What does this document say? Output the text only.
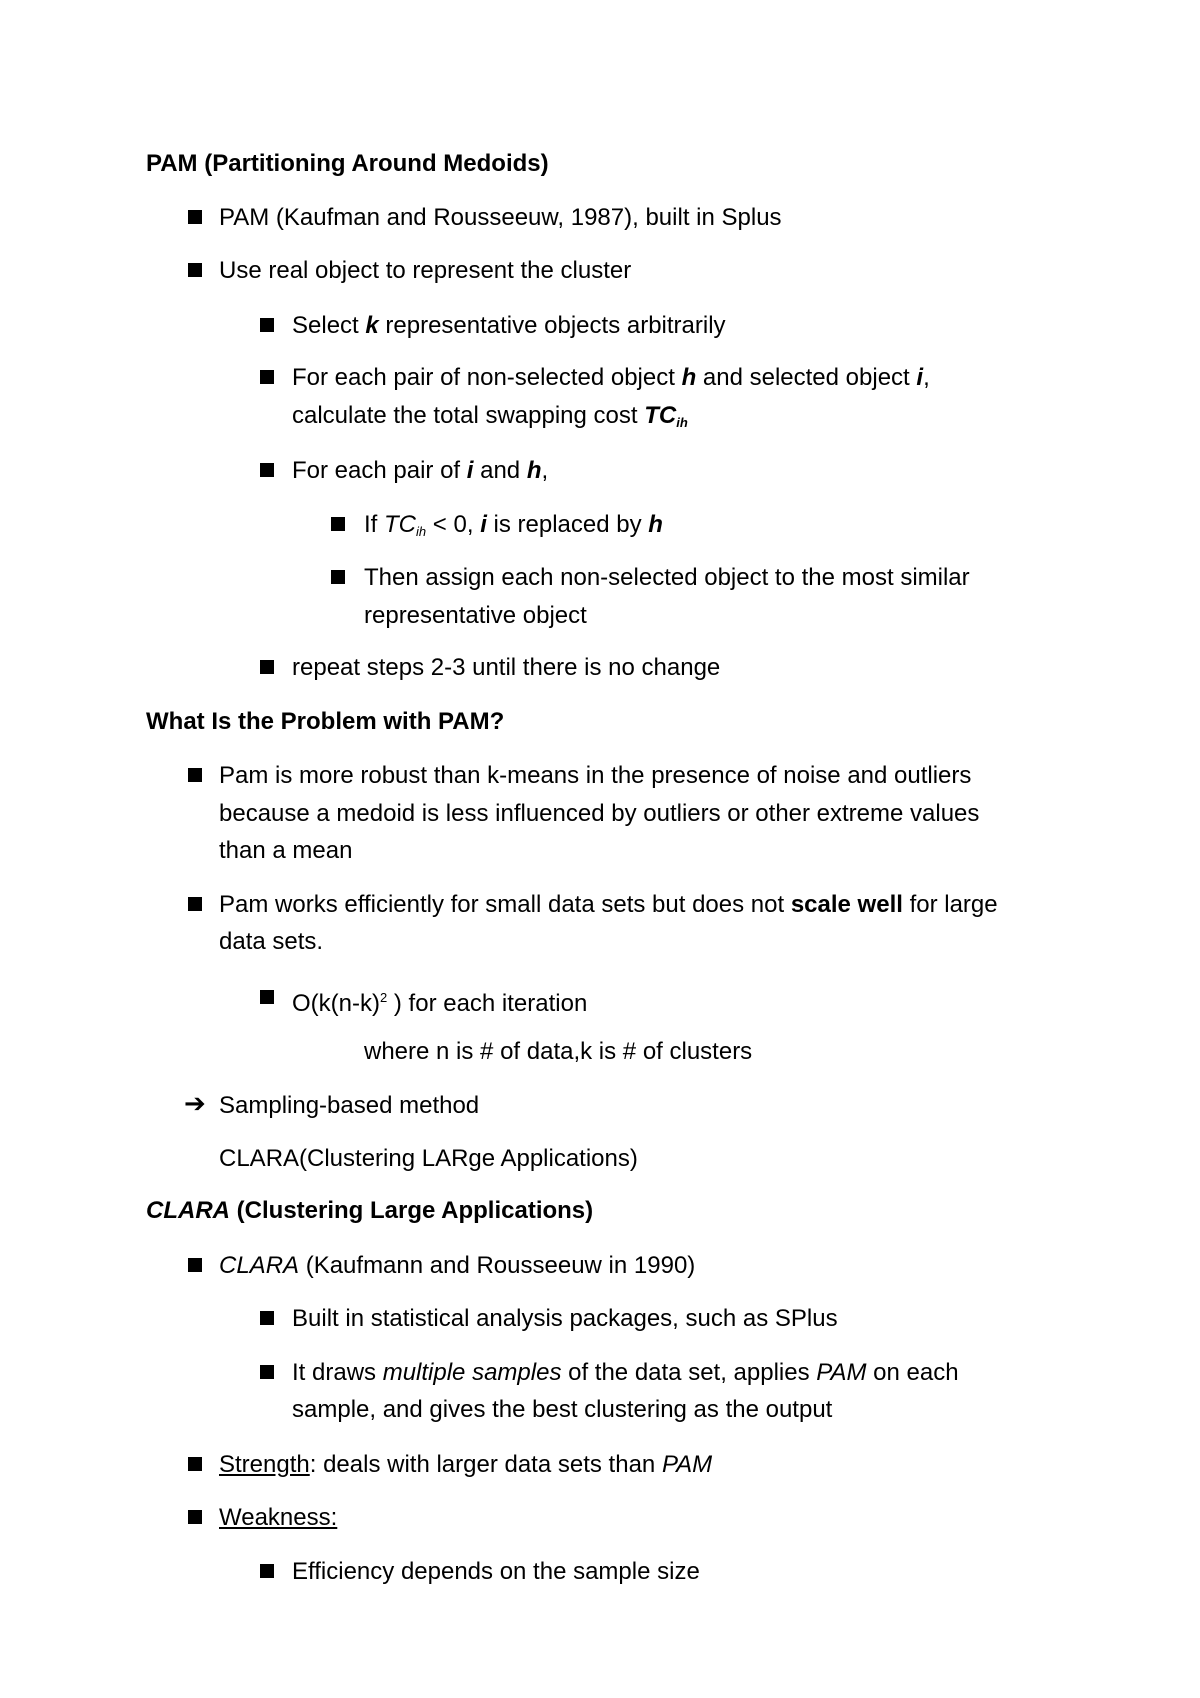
PAM (Partitioning Around Medoids)
PAM (Kaufman and Rousseeuw, 1987), built in Splus
Use real object to represent the cluster
Select k representative objects arbitrarily
For each pair of non-selected object h and selected object i,
calculate the total swapping cost $TC_{ih}$
For each pair of i and h,
If $TC_{ih} < 0$, i is replaced by h
Then assign each non-selected object to the most similar
representative object
repeat steps 2-3 until there is no change
What Is the Problem with PAM?
Pam is more robust than k-means in the presence of noise and outliers
because a medoid is less influenced by outliers or other extreme values
than a mean
Pam works efficiently for small data sets but does not scale well for large
data sets.
$O(k(n-k)^2$ ) for each iteration
where n is # of data,k is # of clusters
➔ Sampling-based method
CLARA(Clustering LARge Applications)
CLARA (Clustering Large Applications)
CLARA (Kaufmann and Rousseeuw in 1990)
Built in statistical analysis packages, such as SPlus
It draws multiple samples of the data set, applies PAM on each
sample, and gives the best clustering as the output
Strength: deals with larger data sets than PAM
Weakness:
Efficiency depends on the sample size
